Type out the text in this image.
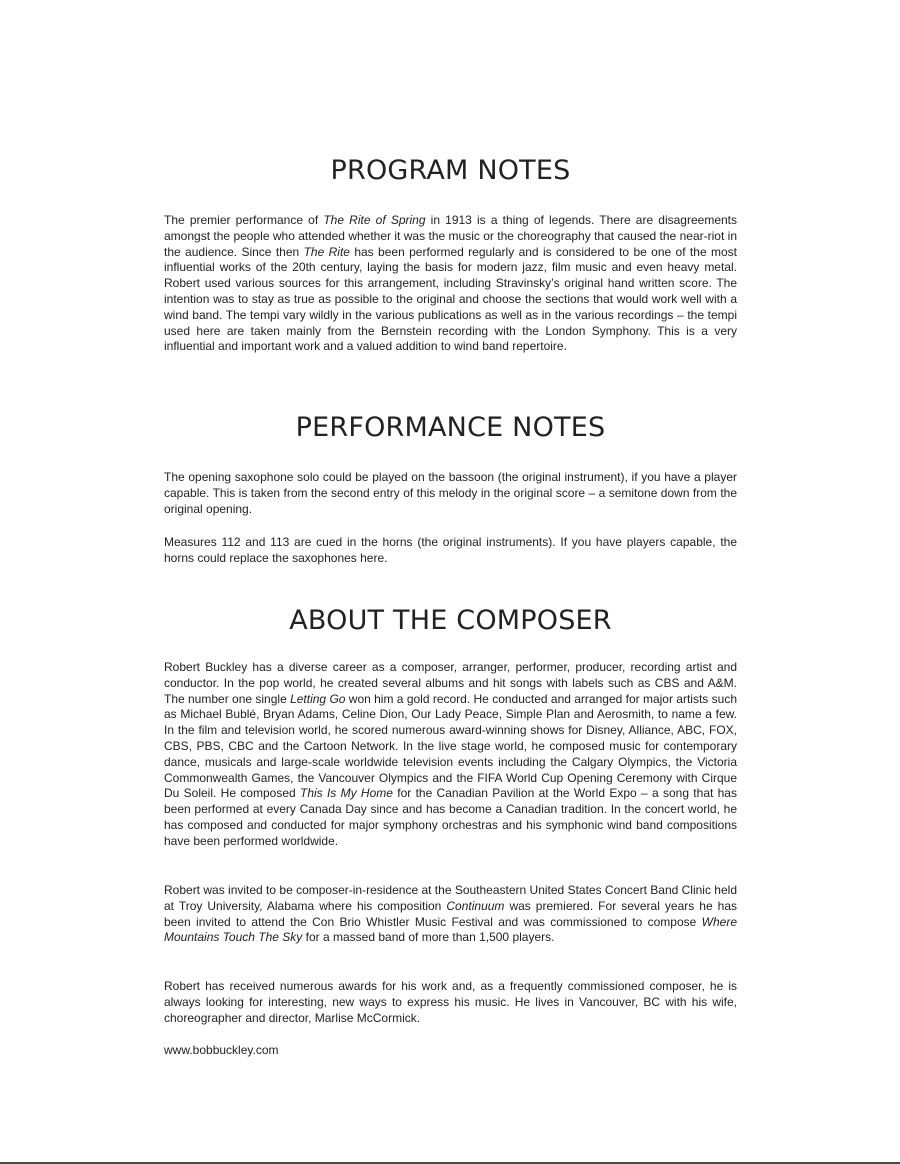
PROGRAM NOTES

The premier performance of The Rite of Spring in 1913 is a thing of legends. There are disagreements amongst the people who attended whether it was the music or the choreography that caused the near-riot in the audience. Since then The Rite has been performed regularly and is considered to be one of the most influential works of the 20th century, laying the basis for modern jazz, film music and even heavy metal. Robert used various sources for this arrangement, including Stravinsky’s original hand written score. The intention was to stay as true as possible to the original and choose the sections that would work well with a wind band. The tempi vary wildly in the various publications as well as in the various recordings – the tempi used here are taken mainly from the Bernstein recording with the London Symphony. This is a very influential and important work and a valued addition to wind band repertoire.

PERFORMANCE NOTES

The opening saxophone solo could be played on the bassoon (the original instrument), if you have a player capable. This is taken from the second entry of this melody in the original score – a semitone down from the original opening.

Measures 112 and 113 are cued in the horns (the original instruments). If you have players capable, the horns could replace the saxophones here.

ABOUT THE COMPOSER

Robert Buckley has a diverse career as a composer, arranger, performer, producer, recording artist and conductor. In the pop world, he created several albums and hit songs with labels such as CBS and A&M. The number one single Letting Go won him a gold record. He conducted and arranged for major artists such as Michael Bublé, Bryan Adams, Celine Dion, Our Lady Peace, Simple Plan and Aerosmith, to name a few. In the film and television world, he scored numerous award-winning shows for Disney, Alliance, ABC, FOX, CBS, PBS, CBC and the Cartoon Network. In the live stage world, he composed music for contemporary dance, musicals and large-scale worldwide television events including the Calgary Olympics, the Victoria Commonwealth Games, the Vancouver Olympics and the FIFA World Cup Opening Ceremony with Cirque Du Soleil. He composed This Is My Home for the Canadian Pavilion at the World Expo – a song that has been performed at every Canada Day since and has become a Canadian tradition. In the concert world, he has composed and conducted for major symphony orchestras and his symphonic wind band compositions have been performed worldwide.

Robert was invited to be composer-in-residence at the Southeastern United States Concert Band Clinic held at Troy University, Alabama where his composition Continuum was premiered. For several years he has been invited to attend the Con Brio Whistler Music Festival and was commissioned to compose Where Mountains Touch The Sky for a massed band of more than 1,500 players.

Robert has received numerous awards for his work and, as a frequently commissioned composer, he is always looking for interesting, new ways to express his music. He lives in Vancouver, BC with his wife, choreographer and director, Marlise McCormick.

www.bobbuckley.com
